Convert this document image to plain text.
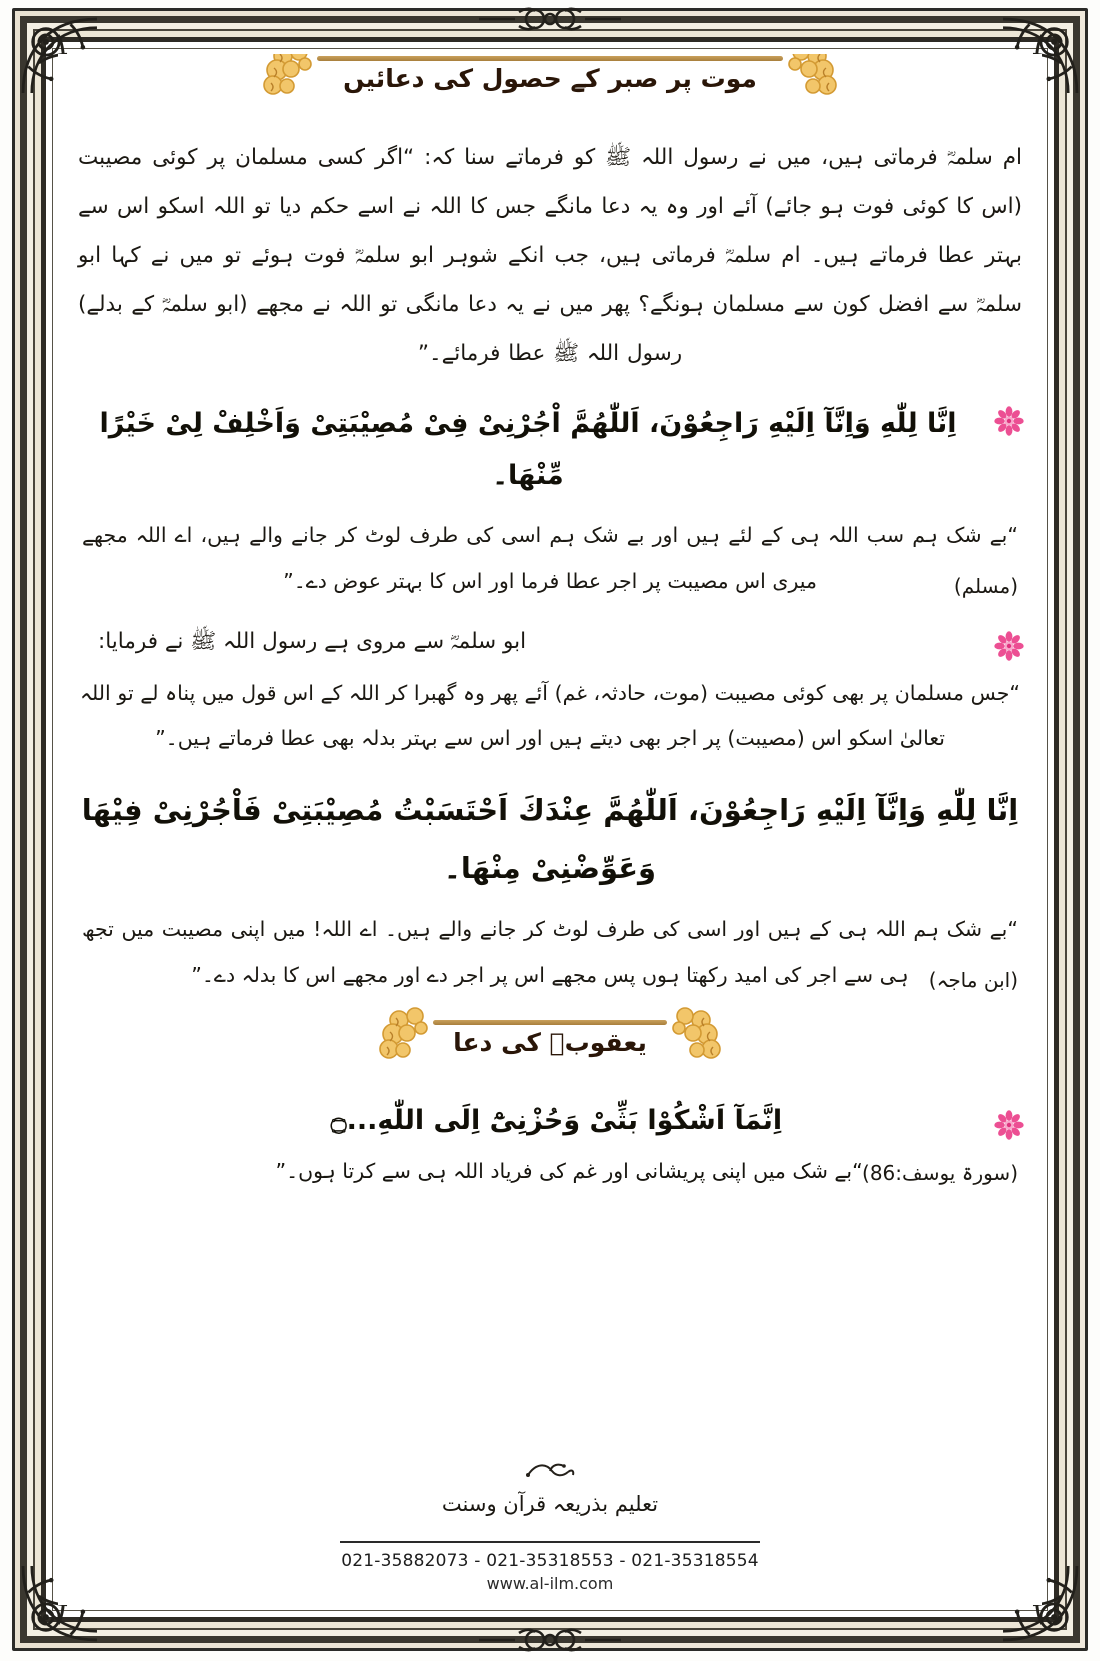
موت پر صبر کے حصول کی دعائیں

ام سلمہؓ فرماتی ہیں، میں نے رسول اللہ ﷺ کو فرماتے سنا کہ: “اگر کسی مسلمان پر کوئی مصیبت (اس کا کوئی فوت ہو جائے) آئے اور وہ یہ دعا مانگے جس کا اللہ نے اسے حکم دیا تو اللہ اسکو اس سے بہتر عطا فرماتے ہیں۔ ام سلمہؓ فرماتی ہیں، جب انکے شوہر ابو سلمہؓ فوت ہوئے تو میں نے کہا ابو سلمہؓ سے افضل کون سے مسلمان ہونگے؟ پھر میں نے یہ دعا مانگی تو اللہ نے مجھے (ابو سلمہؓ کے بدلے) رسول اللہ ﷺ عطا فرمائے۔”

اِنَّا لِلّٰهِ وَاِنَّآ اِلَيْهِ رَاجِعُوْنَ، اَللّٰهُمَّ اْجُرْنِىْ فِىْ مُصِيْبَتِىْ وَاَخْلِفْ لِىْ خَيْرًا مِّنْهَا۔

“بے شک ہم سب اللہ ہی کے لئے ہیں اور بے شک ہم اسی کی طرف لوٹ کر جانے والے ہیں، اے اللہ مجھے میری اس مصیبت پر اجر عطا فرما اور اس کا بہتر عوض دے۔”	(مسلم)
ابو سلمہؓ سے مروی ہے رسول اللہ ﷺ نے فرمایا:

“جس مسلمان پر بھی کوئی مصیبت (موت، حادثہ، غم) آئے پھر وہ گھبرا کر اللہ کے اس قول میں پناہ لے تو اللہ تعالیٰ اسکو اس (مصیبت) پر اجر بھی دیتے ہیں اور اس سے بہتر بدلہ بھی عطا فرماتے ہیں۔”

اِنَّا لِلّٰهِ وَاِنَّآ اِلَيْهِ رَاجِعُوْنَ، اَللّٰهُمَّ عِنْدَكَ اَحْتَسَبْتُ مُصِيْبَتِىْ فَاْجُرْنِىْ فِيْهَا
وَعَوِّضْنِىْ مِنْهَا۔

“بے شک ہم اللہ ہی کے ہیں اور اسی کی طرف لوٹ کر جانے والے ہیں۔ اے اللہ! میں اپنی مصیبت میں تجھ ہی سے اجر کی امید رکھتا ہوں پس مجھے اس پر اجر دے اور مجھے اس کا بدلہ دے۔”	(ابن ماجہ)
یعقوبؑ کی دعا
اِنَّمَآ اَشْكُوْا بَثِّىْ وَحُزْنِىْٓ اِلَى اللّٰهِ...۝

“بے شک میں اپنی پریشانی اور غم کی فریاد اللہ ہی سے کرتا ہوں۔” (سورۃ یوسف:86)
تعلیم بذریعہ قرآن وسنت
021-35882073 - 021-35318553 - 021-35318554
www.al-ilm.com
